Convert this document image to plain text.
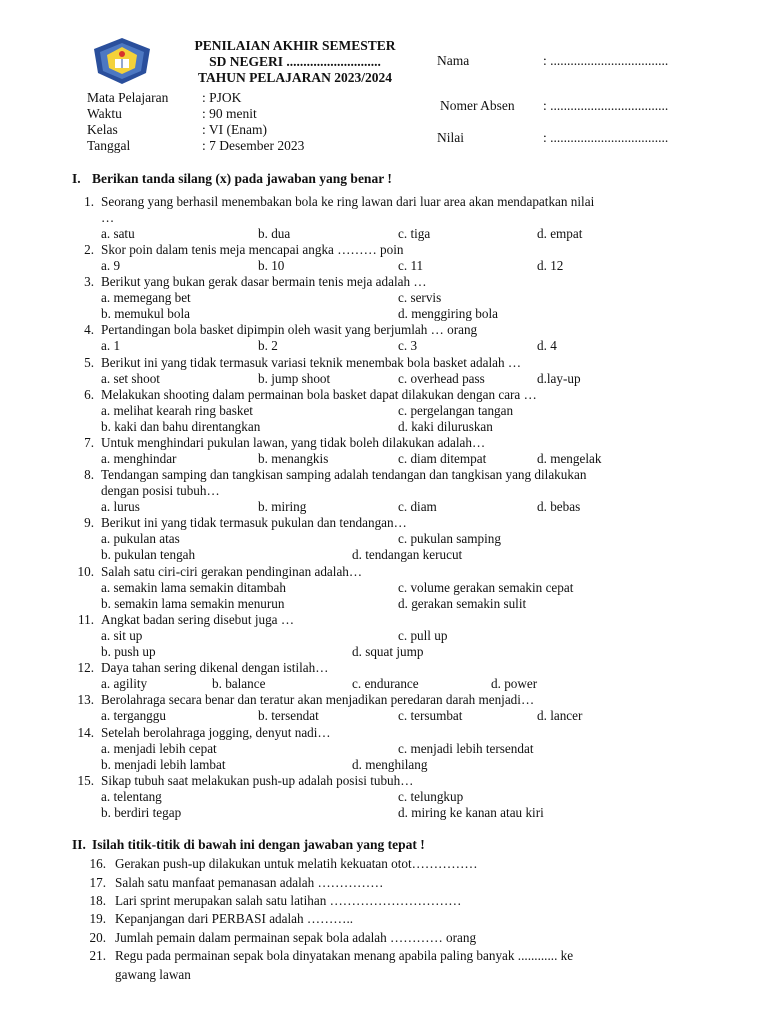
PENILAIAN AKHIR SEMESTER
SD NEGERI ............................
TAHUN PELAJARAN 2023/2024
Mata Pelajaran : PJOK
Waktu	: 90 menit
Kelas	: VI (Enam)
Tanggal	: 7 Desember 2023
Nama	: ...................................
Nomer Absen : ...................................
Nilai	: ...................................
I. Berikan tanda silang (x) pada jawaban yang benar !
1. Seorang yang berhasil menembakan bola ke ring lawan dari luar area akan mendapatkan nilai
…
a. satu	b. dua	c. tiga	d. empat
2. Skor poin dalam tenis meja mencapai angka ……… poin
a. 9	b. 10	c. 11	d. 12
3. Berikut yang bukan gerak dasar bermain tenis meja adalah …
a. memegang bet	c. servis
b. memukul bola	d. menggiring bola
4. Pertandingan bola basket dipimpin oleh wasit yang berjumlah … orang
a. 1	b. 2	c. 3	d. 4
5. Berikut ini yang tidak termasuk variasi teknik menembak bola basket adalah …
a. set shoot	b. jump shoot	c. overhead pass	d.lay-up
6. Melakukan shooting dalam permainan bola basket dapat dilakukan dengan cara …
a. melihat kearah ring basket	c. pergelangan tangan
b. kaki dan bahu direntangkan	d. kaki diluruskan
7. Untuk menghindari pukulan lawan, yang tidak boleh dilakukan adalah…
a. menghindar	b. menangkis	c. diam ditempat	d. mengelak
8. Tendangan samping dan tangkisan samping adalah tendangan dan tangkisan yang dilakukan
dengan posisi tubuh…
a. lurus	b. miring	c. diam	d. bebas
9. Berikut ini yang tidak termasuk pukulan dan tendangan…
a. pukulan atas	c. pukulan samping
b. pukulan tengah	d. tendangan kerucut
10. Salah satu ciri-ciri gerakan pendinginan adalah…
a. semakin lama semakin ditambah	c. volume gerakan semakin cepat
b. semakin lama semakin menurun	d. gerakan semakin sulit
11. Angkat badan sering disebut juga …
a. sit up	c. pull up
b. push up	d. squat jump
12. Daya tahan sering dikenal dengan istilah…
a. agility	b. balance	c. endurance	d. power
13. Berolahraga secara benar dan teratur akan menjadikan peredaran darah menjadi…
a. terganggu	b. tersendat	c. tersumbat	d. lancer
14. Setelah berolahraga jogging, denyut nadi…
a. menjadi lebih cepat	c. menjadi lebih tersendat
b. menjadi lebih lambat	d. menghilang
15. Sikap tubuh saat melakukan push-up adalah posisi tubuh…
a. telentang	c. telungkup
b. berdiri tegap	d. miring ke kanan atau kiri
II. Isilah titik-titik di bawah ini dengan jawaban yang tepat !
16. Gerakan push-up dilakukan untuk melatih kekuatan otot……………
17. Salah satu manfaat pemanasan adalah ……………
18. Lari sprint merupakan salah satu latihan …………………………
19. Kepanjangan dari PERBASI adalah ………..
20. Jumlah pemain dalam permainan sepak bola adalah ………… orang
21. Regu pada permainan sepak bola dinyatakan menang apabila paling banyak ............ ke
gawang lawan
